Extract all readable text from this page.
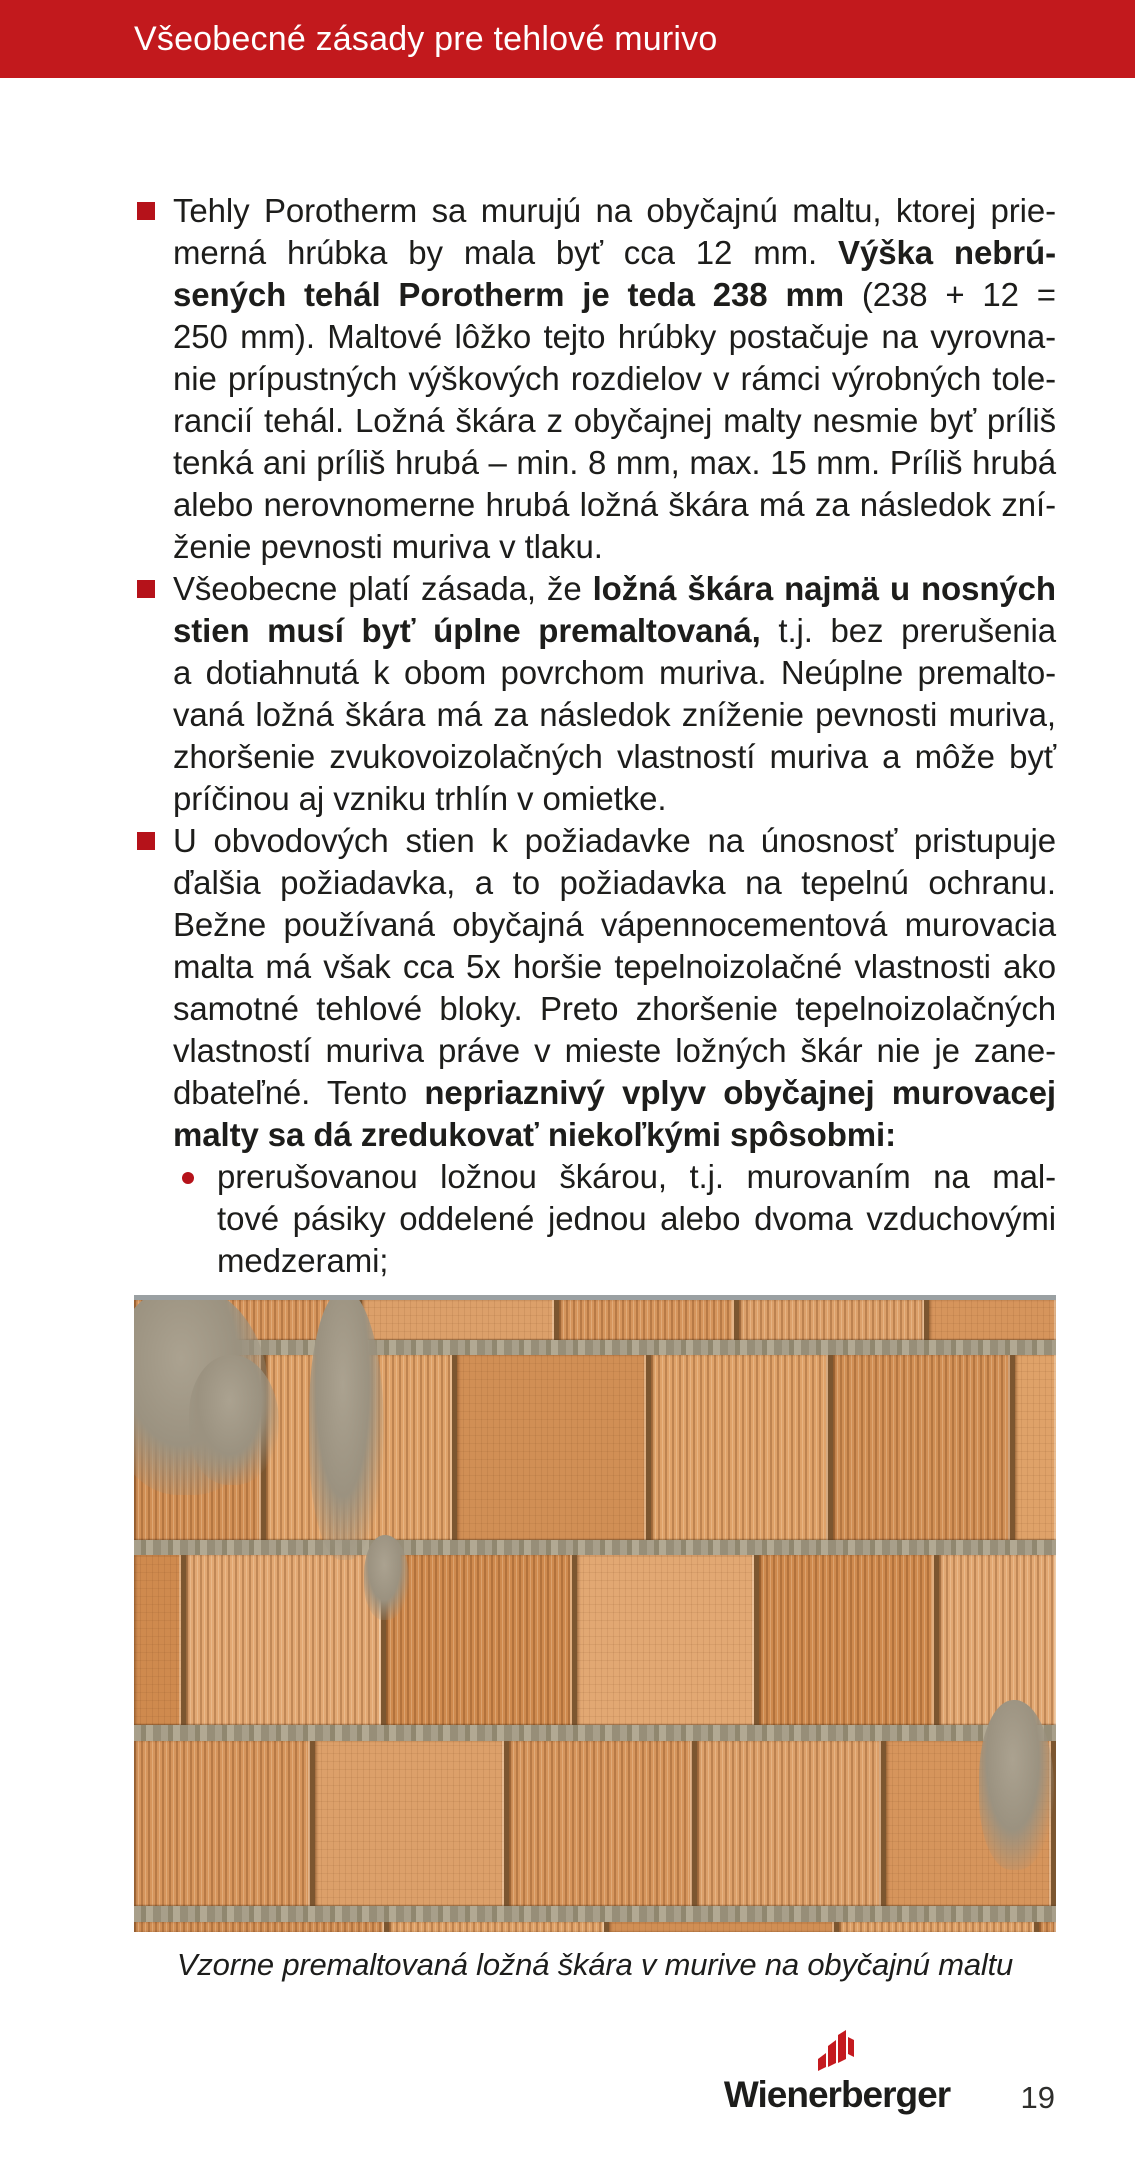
Všeobecné zásady pre tehlové murivo
Tehly Porotherm sa murujú na obyčajnú maltu, ktorej prie-
merná hrúbka by mala byť cca 12 mm. Výška nebrú-
sených tehál Porotherm je teda 238 mm (238 + 12 =
250 mm). Maltové lôžko tejto hrúbky postačuje na vyrovna-
nie prípustných výškových rozdielov v rámci výrobných tole-
rancií tehál. Ložná škára z obyčajnej malty nesmie byť príliš
tenká ani príliš hrubá – min. 8 mm, max. 15 mm. Príliš hrubá
alebo nerovnomerne hrubá ložná škára má za následok zní-
ženie pevnosti muriva v tlaku.
Všeobecne platí zásada, že ložná škára najmä u nosných
stien musí byť úplne premaltovaná, t.j. bez prerušenia
a dotiahnutá k obom povrchom muriva. Neúplne premalto-
vaná ložná škára má za následok zníženie pevnosti muriva,
zhoršenie zvukovoizolačných vlastností muriva a môže byť
príčinou aj vzniku trhlín v omietke.
U obvodových stien k požiadavke na únosnosť pristupuje
ďalšia požiadavka, a to požiadavka na tepelnú ochranu.
Bežne používaná obyčajná vápennocementová murovacia
malta má však cca 5x horšie tepelnoizolačné vlastnosti ako
samotné tehlové bloky. Preto zhoršenie tepelnoizolačných
vlastností muriva práve v mieste ložných škár nie je zane-
dbateľné. Tento nepriaznivý vplyv obyčajnej murovacej
malty sa dá zredukovať niekoľkými spôsobmi:
prerušovanou ložnou škárou, t.j. murovaním na mal-
tové pásiky oddelené jednou alebo dvoma vzduchovými
medzerami;
Vzorne premaltovaná ložná škára v murive na obyčajnú maltu
Wienerberger	19
